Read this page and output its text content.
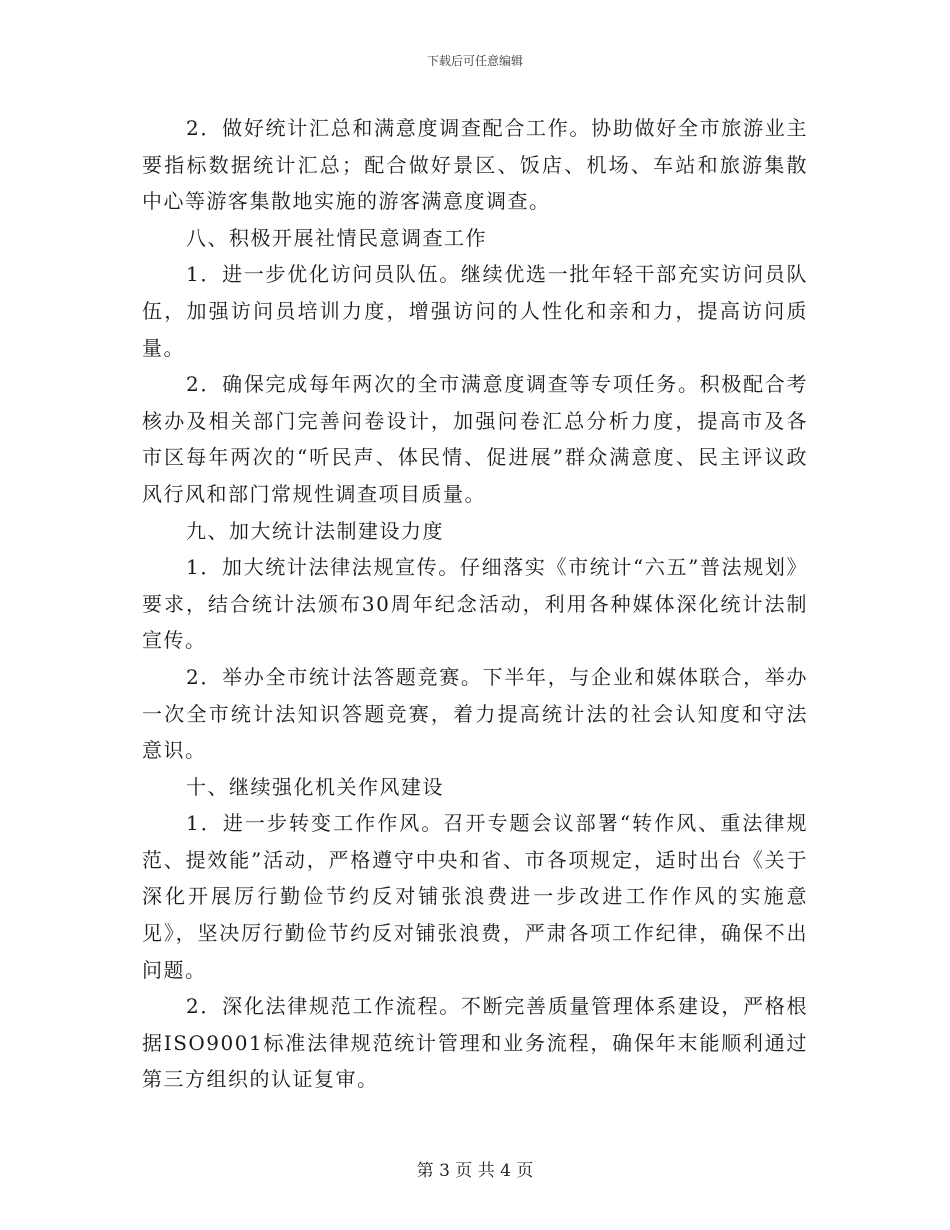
下载后可任意编辑

2．做好统计汇总和满意度调查配合工作。协助做好全市旅游业主要指标数据统计汇总；配合做好景区、饭店、机场、车站和旅游集散中心等游客集散地实施的游客满意度调查。

八、积极开展社情民意调查工作

1．进一步优化访问员队伍。继续优选一批年轻干部充实访问员队伍，加强访问员培训力度，增强访问的人性化和亲和力，提高访问质量。

2．确保完成每年两次的全市满意度调查等专项任务。积极配合考核办及相关部门完善问卷设计，加强问卷汇总分析力度，提高市及各市区每年两次的“听民声、体民情、促进展”群众满意度、民主评议政风行风和部门常规性调查项目质量。

九、加大统计法制建设力度

1．加大统计法律法规宣传。仔细落实《市统计“六五”普法规划》要求，结合统计法颁布30周年纪念活动，利用各种媒体深化统计法制宣传。

2．举办全市统计法答题竞赛。下半年，与企业和媒体联合，举办一次全市统计法知识答题竞赛，着力提高统计法的社会认知度和守法意识。

十、继续强化机关作风建设

1．进一步转变工作作风。召开专题会议部署“转作风、重法律规范、提效能”活动，严格遵守中央和省、市各项规定，适时出台《关于深化开展厉行勤俭节约反对铺张浪费进一步改进工作作风的实施意见》，坚决厉行勤俭节约反对铺张浪费，严肃各项工作纪律，确保不出问题。

2．深化法律规范工作流程。不断完善质量管理体系建设，严格根据ISO9001标准法律规范统计管理和业务流程，确保年末能顺利通过第三方组织的认证复审。

第 3 页 共 4 页
